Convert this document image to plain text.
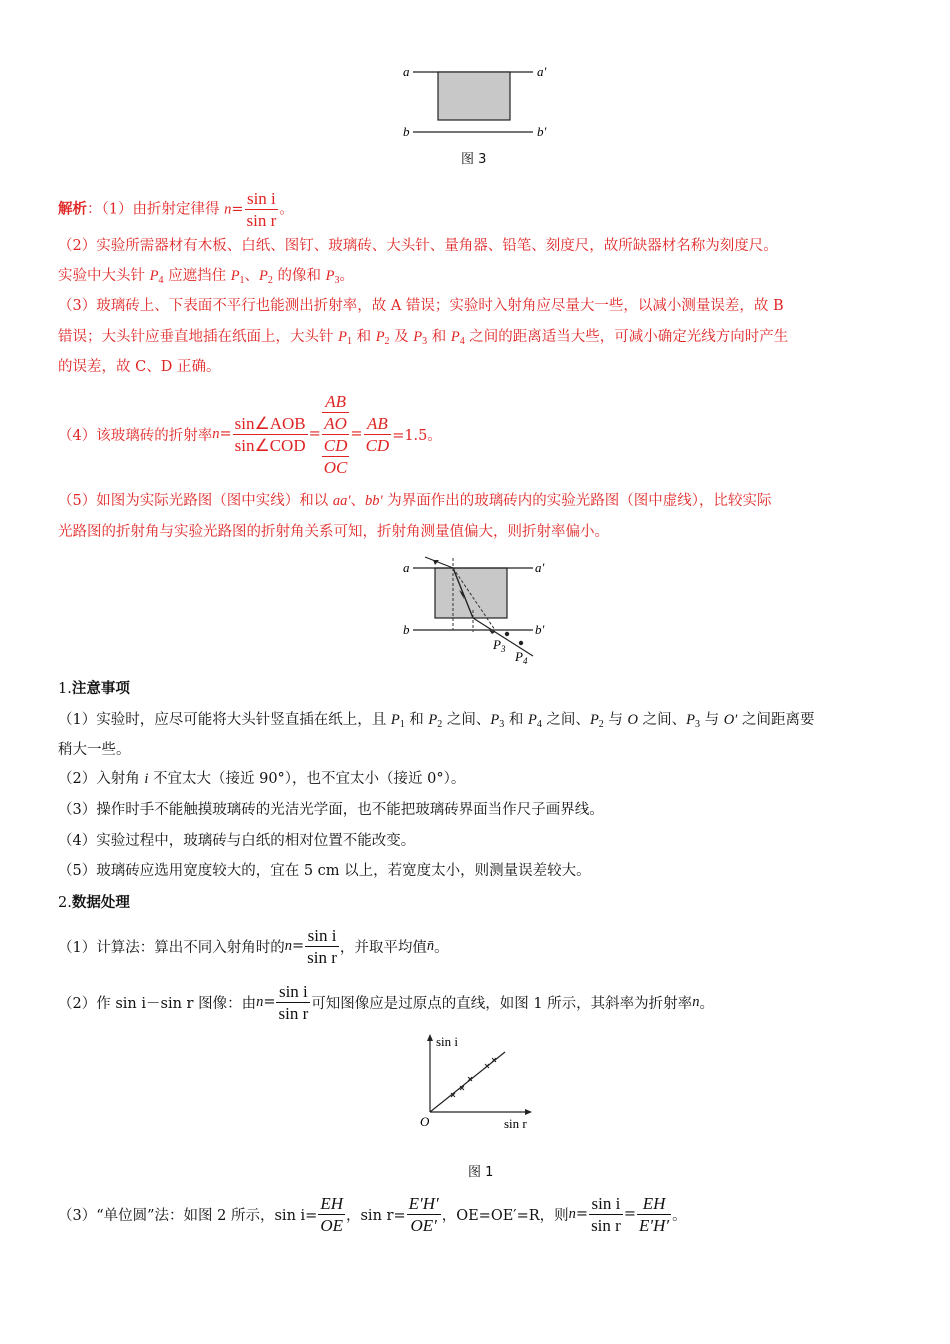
a	a′
b	b′
图 3
解析：（1）由折射定律得 $n= \frac{\text{sin i}}{\text{sin r}}$ 。
（2）实验所需器材有木板、白纸、图钉、玻璃砖、大头针、量角器、铅笔、刻度尺，故所缺器材名称为刻度尺。
实验中大头针 $P_4$ 应遮挡住 $P_1$、$P_2$ 的像和 $P_3$。
（3）玻璃砖上、下表面不平行也能测出折射率，故 A 错误；实验时入射角应尽量大一些，以减小测量误差，故 B
错误；大头针应垂直地插在纸面上，大头针 $P_1$ 和 $P_2$ 及 $P_3$ 和 $P_4$ 之间的距离适当大些，可减小确定光线方向时产生
的误差，故 C、D 正确。
（4）该玻璃砖的折射率 $n = \frac{\text{sin∠AOB}}{\text{sin∠COD}} = \frac{\frac{AB}{AO}}{\frac{CD}{OC}} = \frac{AB}{CD} =1.5$。
（5）如图为实际光路图（图中实线）和以 aa′、bb′ 为界面作出的玻璃砖内的实验光路图（图中虚线），比较实际
光路图的折射角与实验光路图的折射角关系可知，折射角测量值偏大，则折射率偏小。
a	a′
b	b′
$P_3$ $P_4$
1.注意事项
（1）实验时，应尽可能将大头针竖直插在纸上，且 $P_1$ 和 $P_2$ 之间、$P_3$ 和 $P_4$ 之间、$P_2$ 与 O 之间、$P_3$ 与 O′ 之间距离要
稍大一些。
（2）入射角 i 不宜太大（接近 90°），也不宜太小（接近 0°）。
（3）操作时手不能触摸玻璃砖的光洁光学面，也不能把玻璃砖界面当作尺子画界线。
（4）实验过程中，玻璃砖与白纸的相对位置不能改变。
（5）玻璃砖应选用宽度较大的，宜在 5 cm 以上，若宽度太小，则测量误差较大。
2.数据处理
（1）计算法：算出不同入射角时的 $n = \frac{\text{sin i}}{\text{sin r}}$ ，并取平均值 n̄ 。
（2）作 sin i－sin r 图像：由 $n = \frac{\text{sin i}}{\text{sin r}}$ 可知图像应是过原点的直线，如图 1 所示，其斜率为折射率 n 。
sin i
sin r
O
图 1
（3）“单位圆”法：如图 2 所示，$\sin i= \frac{EH}{OE}$ ，$\sin r= \frac{E'H'}{OE'}$ ，OE=OE′=R，则 $n = \frac{\text{sin i}}{\text{sin r}} = \frac{EH}{E'H'}$ 。
